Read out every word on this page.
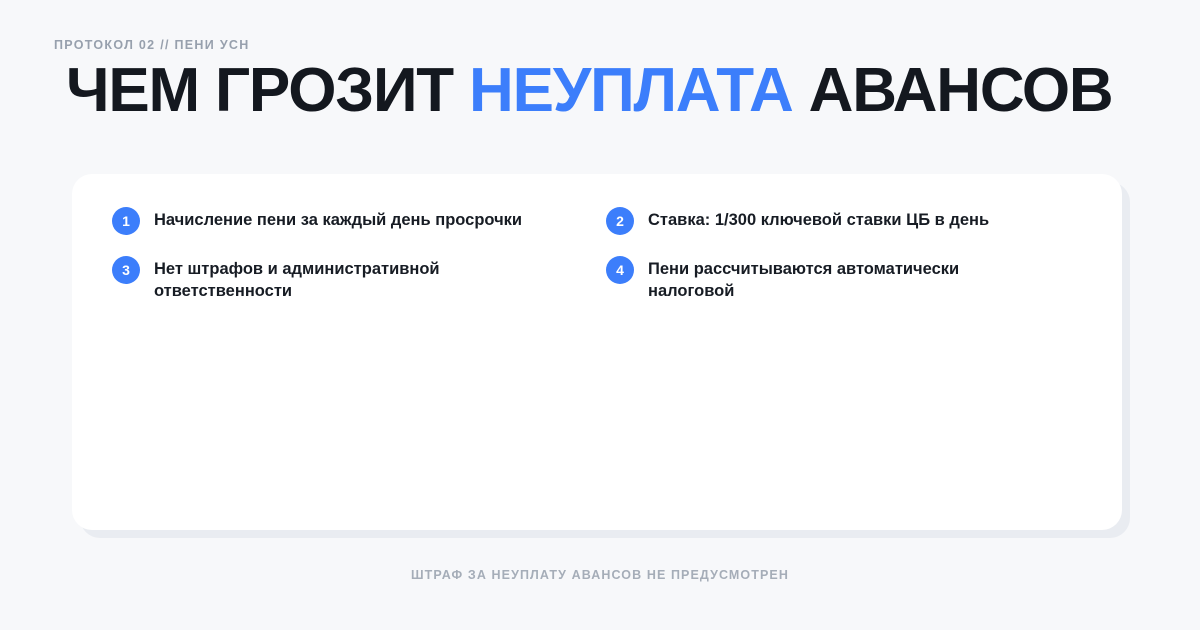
ПРОТОКОЛ 02 // ПЕНИ УСН
ЧЕМ ГРОЗИТ НЕУПЛАТА АВАНСОВ
1	Начисление пени за каждый день просрочки	2	Ставка: 1/300 ключевой ставки ЦБ в день
3	Нет штрафов и административной ответственности
4	Пени рассчитываются автоматически налоговой
ШТРАФ ЗА НЕУПЛАТУ АВАНСОВ НЕ ПРЕДУСМОТРЕН
